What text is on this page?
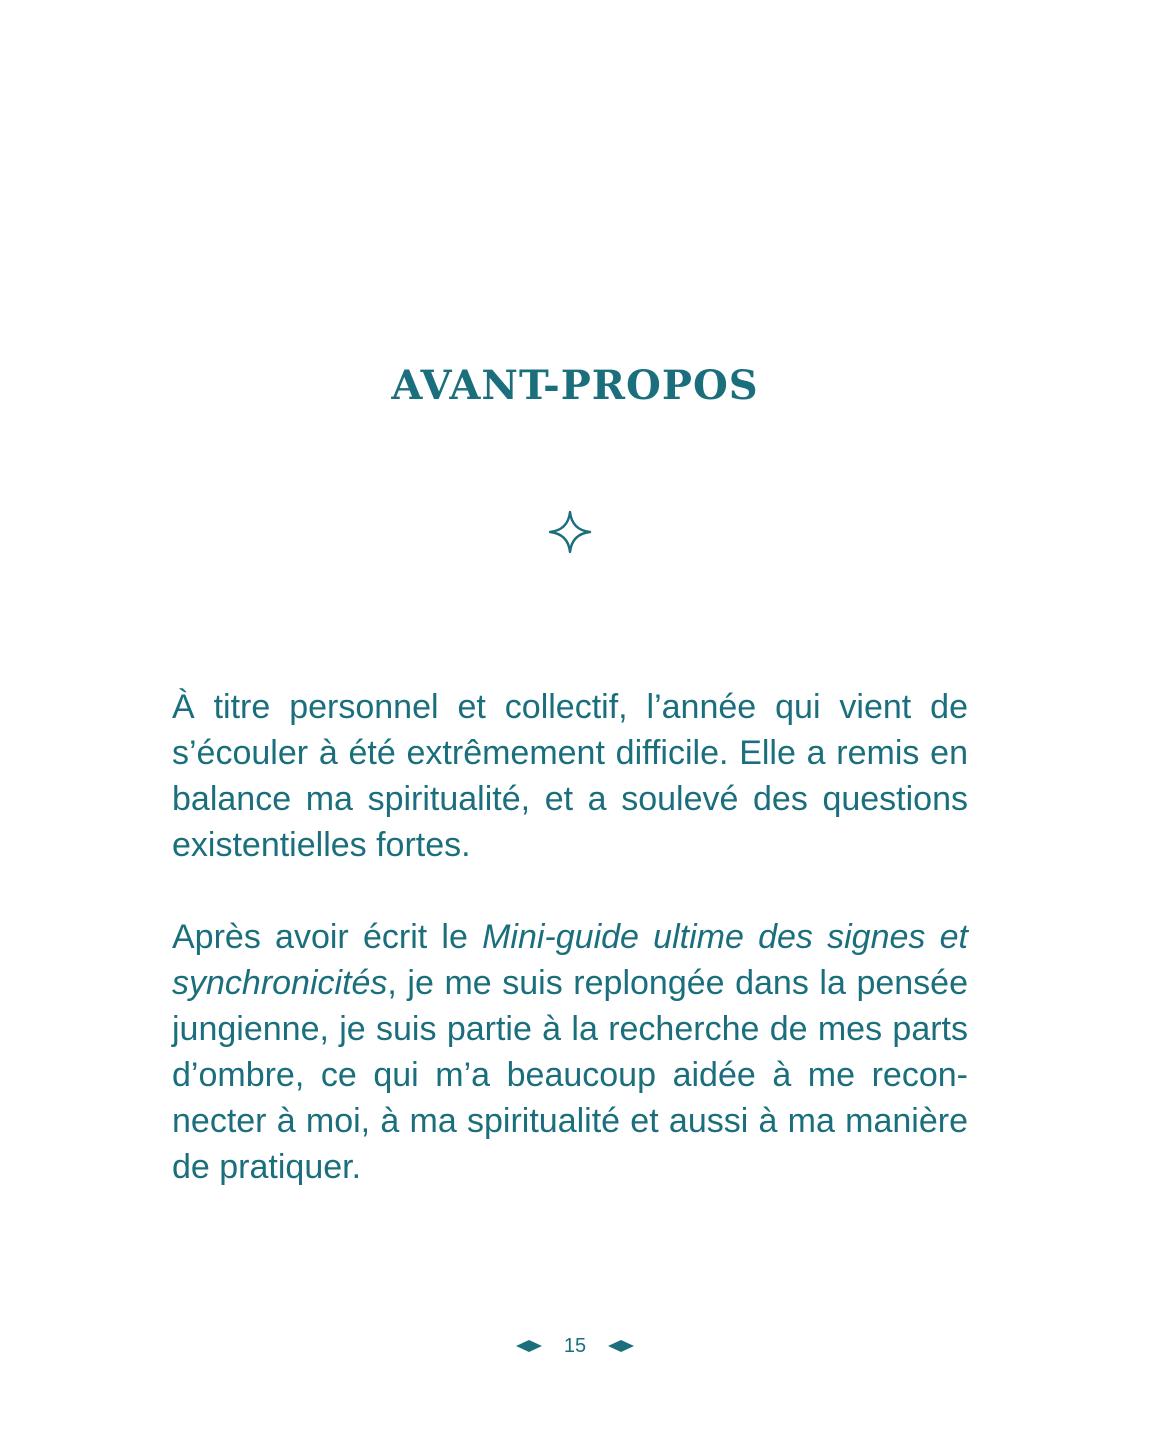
AVANT-PROPOS

À titre personnel et collectif, l’année qui vient de s’écouler à été extrêmement difficile. Elle a remis en balance ma spiritualité, et a soulevé des questions existentielles fortes.

Après avoir écrit le Mini-guide ultime des signes et synchronicités, je me suis replongée dans la pensée jungienne, je suis partie à la recherche de mes parts d’ombre, ce qui m’a beaucoup aidée à me reconnecter à moi, à ma spiritualité et aussi à ma manière de pratiquer.

15
